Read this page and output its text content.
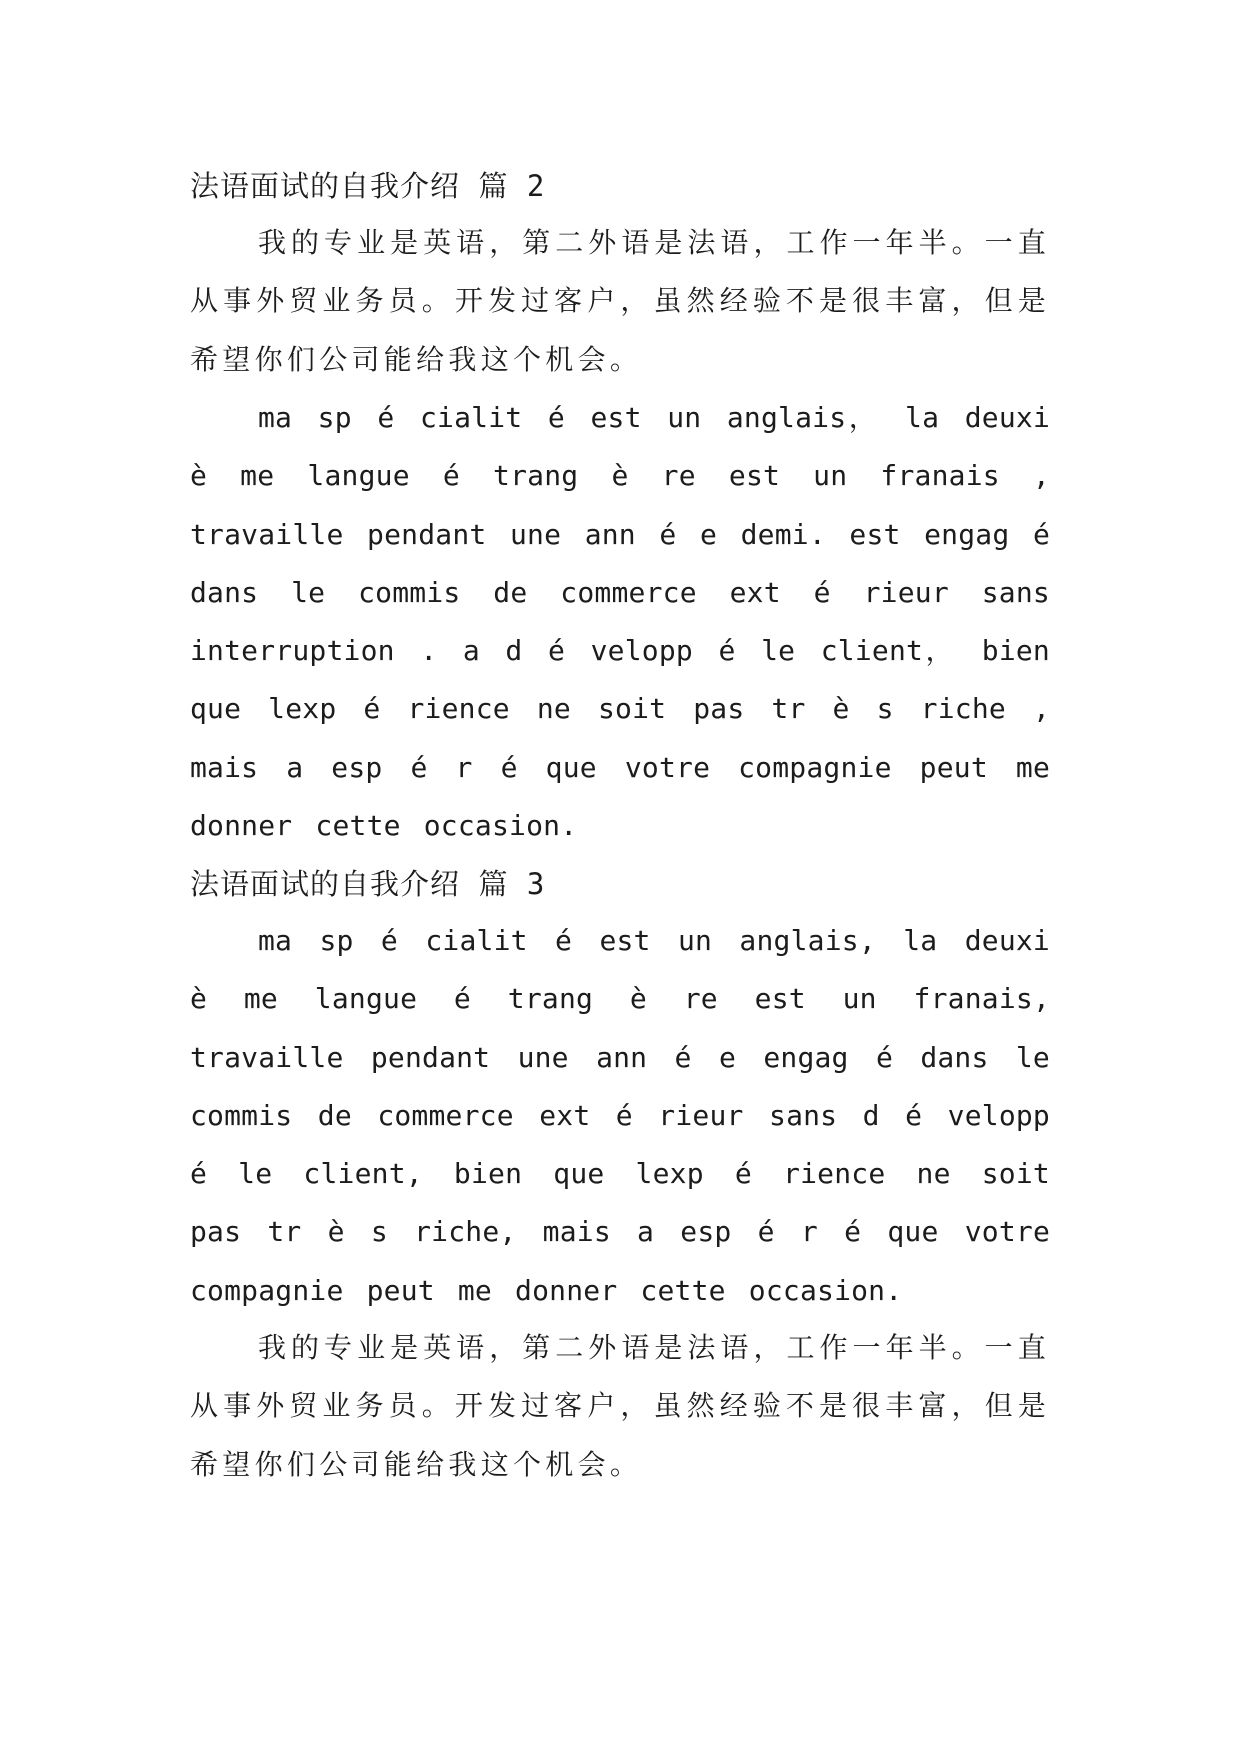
法语面试的自我介绍 篇 2

我的专业是英语，第二外语是法语，工作一年半。一直从事外贸业务员。开发过客户，虽然经验不是很丰富，但是希望你们公司能给我这个机会。

ma sp é cialit é est un anglais， la deuxi è me langue é trang è re est un franais , travaille pendant une ann é e demi. est engag é dans le commis de commerce ext é rieur sans interruption . a d é velopp é le client， bien que lexp é rience ne soit pas tr è s riche , mais a esp é r é que votre compagnie peut me donner cette occasion.

法语面试的自我介绍 篇 3

ma sp é cialit é est un anglais, la deuxi è me langue é trang è re est un franais, travaille pendant une ann é e engag é dans le commis de commerce ext é rieur sans d é velopp é le client, bien que lexp é rience ne soit pas tr è s riche, mais a esp é r é que votre compagnie peut me donner cette occasion.

我的专业是英语，第二外语是法语，工作一年半。一直从事外贸业务员。开发过客户，虽然经验不是很丰富，但是希望你们公司能给我这个机会。
